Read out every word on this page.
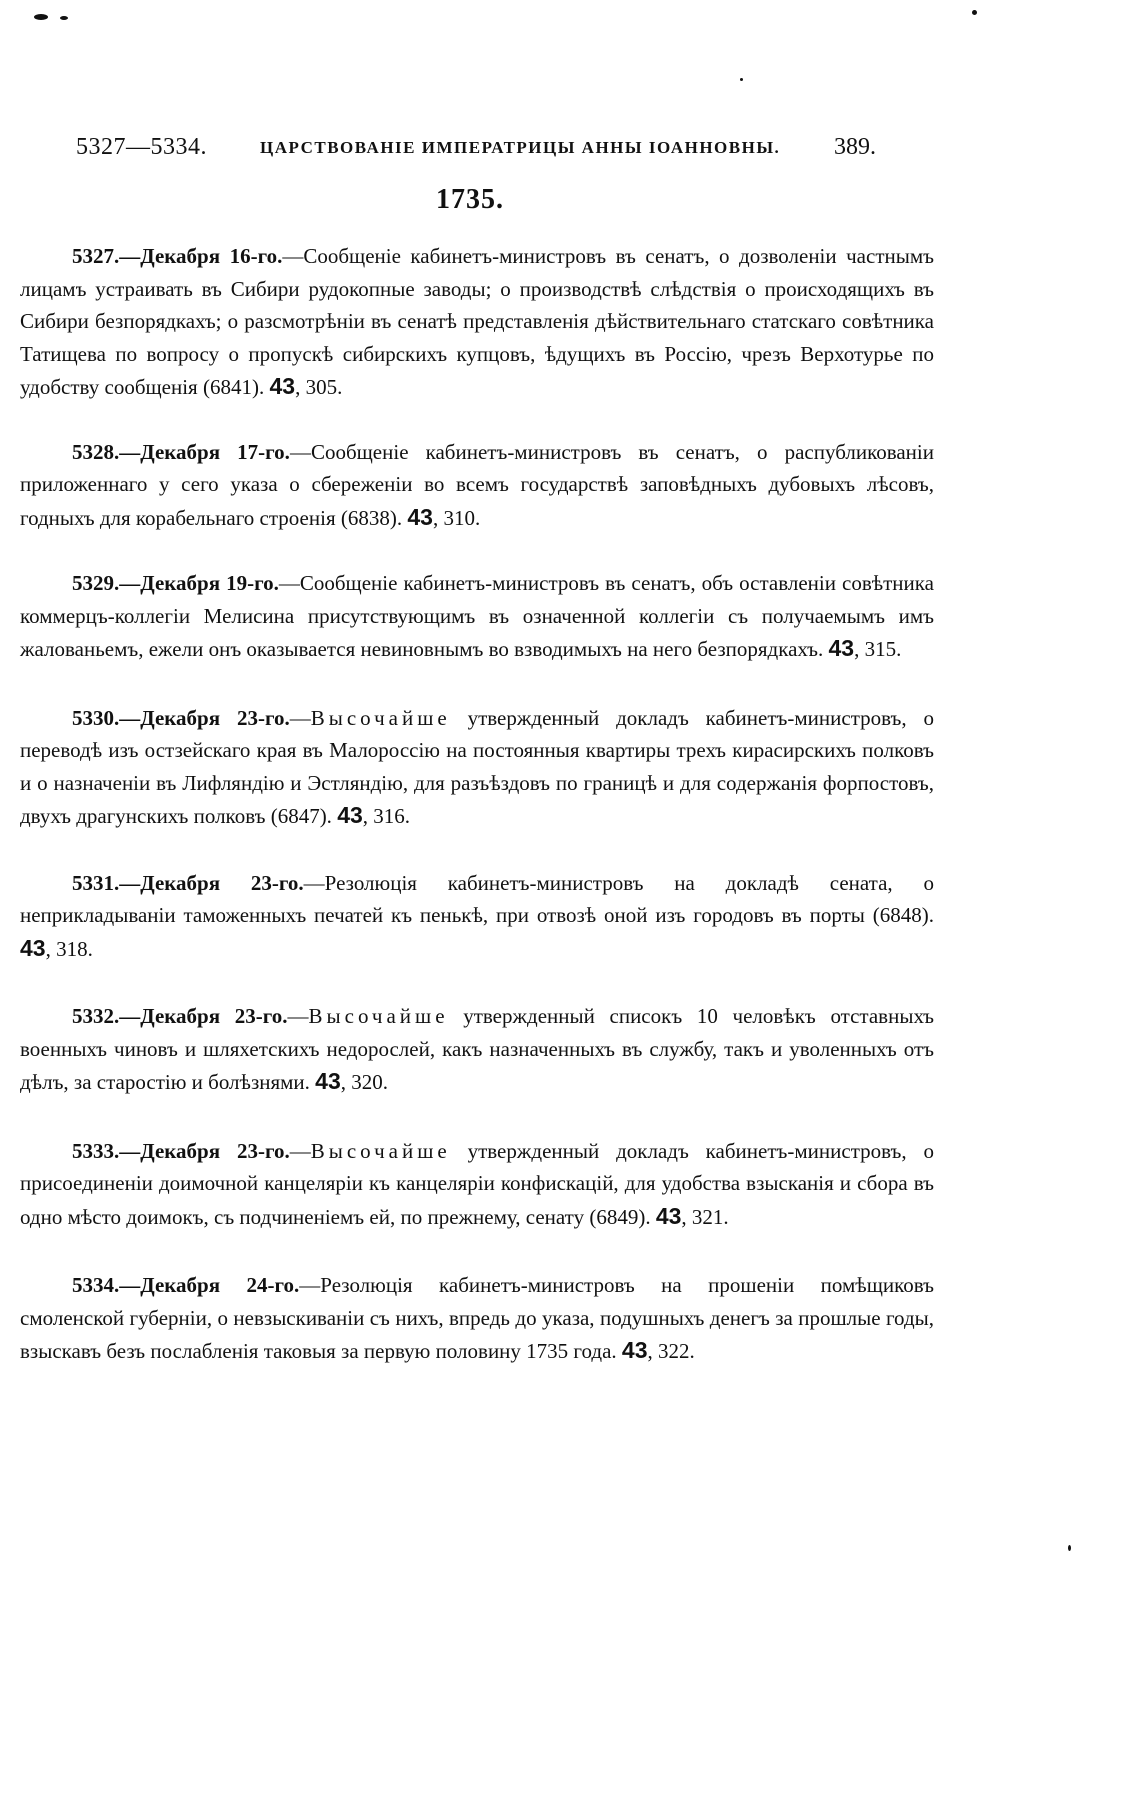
5327—5334.	ЦАРСТВОВАНІЕ ИМПЕРАТРИЦЫ АННЫ ІОАННОВНЫ. 389.
1735.

5327.—Декабря 16-го.—Сообщеніе кабинетъ-министровъ въ сенатъ, о дозволеніи частнымъ лицамъ устраивать въ Сибири рудокопные заводы; о производствѣ слѣдствія о происходящихъ въ Сибири безпорядкахъ; о разсмотрѣніи въ сенатѣ представленія дѣйствительнаго статскаго совѣтника Татищева по вопросу о пропускѣ сибирскихъ купцовъ, ѣдущихъ въ Россію, чрезъ Верхотурье по удобству сообщенія (6841). 43, 305.

5328.—Декабря 17-го.—Сообщеніе кабинетъ-министровъ въ сенатъ, о распубликованіи приложеннаго у сего указа о сбереженіи во всемъ государствѣ заповѣдныхъ дубовыхъ лѣсовъ, годныхъ для корабельнаго строенія (6838). 43, 310.

5329.—Декабря 19-го.—Сообщеніе кабинетъ-министровъ въ сенатъ, объ оставленіи совѣтника коммерцъ-коллегіи Мелисина присутствующимъ въ означенной коллегіи съ получаемымъ имъ жалованьемъ, ежели онъ оказывается невиновнымъ во взводимыхъ на него безпорядкахъ. 43, 315.

5330.—Декабря 23-го.—Высочайше утвержденный докладъ кабинетъ-министровъ, о переводѣ изъ остзейскаго края въ Малороссію на постоянныя квартиры трехъ кирасирскихъ полковъ и о назначеніи въ Лифляндію и Эстляндію, для разъѣздовъ по границѣ и для содержанія форпостовъ, двухъ драгунскихъ полковъ (6847). 43, 316.

5331.—Декабря 23-го.—Резолюція кабинетъ-министровъ на докладѣ сената, о неприкладываніи таможенныхъ печатей къ пенькѣ, при отвозѣ оной изъ городовъ въ порты (6848). 43, 318.

5332.—Декабря 23-го.—Высочайше утвержденный списокъ 10 человѣкъ отставныхъ военныхъ чиновъ и шляхетскихъ недорослей, какъ назначенныхъ въ службу, такъ и уволенныхъ отъ дѣлъ, за старостію и болѣзнями. 43, 320.

5333.—Декабря 23-го.—Высочайше утвержденный докладъ кабинетъ-министровъ, о присоединеніи доимочной канцеляріи къ канцеляріи конфискацій, для удобства взысканія и сбора въ одно мѣсто доимокъ, съ подчиненіемъ ей, по прежнему, сенату (6849). 43, 321.

5334.—Декабря 24-го.—Резолюція кабинетъ-министровъ на прошеніи помѣщиковъ смоленской губерніи, о невзыскиваніи съ нихъ, впредь до указа, подушныхъ денегъ за прошлые годы, взыскавъ безъ послабленія таковыя за первую половину 1735 года. 43, 322.
